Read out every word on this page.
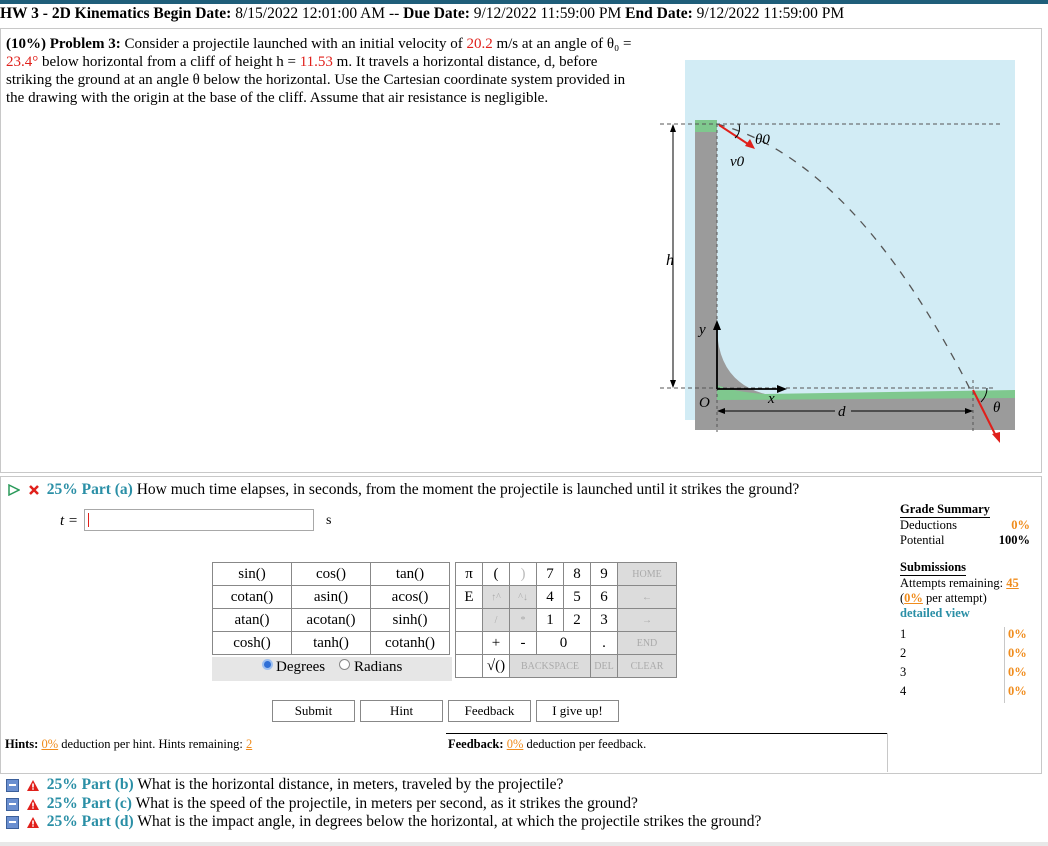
HW 3 - 2D Kinematics Begin Date: 8/15/2022 12:01:00 AM -- Due Date: 9/12/2022 11:59:00 PM End Date: 9/12/2022 11:59:00 PM
(10%) Problem 3: Consider a projectile launched with an initial velocity of 20.2 m/s at an angle of θ₀ = 23.4° below horizontal from a cliff of height h = 11.53 m. It travels a horizontal distance, d, before striking the ground at an angle θ below the horizontal. Use the Cartesian coordinate system provided in the drawing with the origin at the base of the cliff. Assume that air resistance is negligible.
h
θ0
v0
θ
y
O	x
d
25% Part (a) How much time elapses, in seconds, from the moment the projectile is launched until it strikes the ground?
t =	s
sin()	cos()	tan()
cotan()	asin()	acos()
atan()	acotan()	sinh()
cosh()	tanh()	cotanh()
Degrees Radians
π	(	)	7	8	9	HOME
E	↑^	^↓	4	5	6	←
	/	*	1	2	3	→
	+	-	0		.	END
	√()	BACKSPACE			DEL	CLEAR
Submit	Hint	Feedback	I give up!
Hints: 0% deduction per hint. Hints remaining: 2	Feedback: 0% deduction per feedback.
Grade Summary
Deductions	0%
Potential	100%
Submissions
Attempts remaining: 45
(0% per attempt)
detailed view
1	0%
2	0%
3	0%
4	0%
25% Part (b) What is the horizontal distance, in meters, traveled by the projectile?
25% Part (c) What is the speed of the projectile, in meters per second, as it strikes the ground?
25% Part (d) What is the impact angle, in degrees below the horizontal, at which the projectile strikes the ground?
